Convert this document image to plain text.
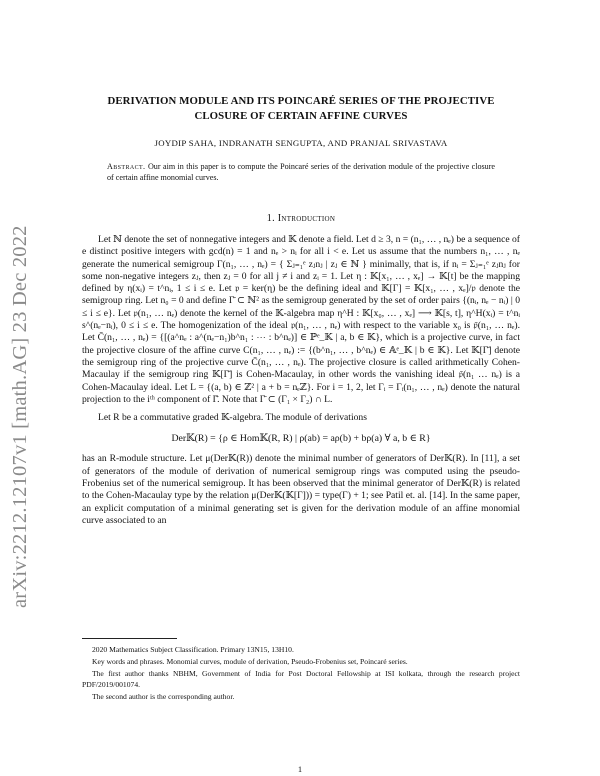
arXiv:2212.12107v1 [math.AG] 23 Dec 2022
DERIVATION MODULE AND ITS POINCARÉ SERIES OF THE PROJECTIVE
CLOSURE OF CERTAIN AFFINE CURVES
JOYDIP SAHA, INDRANATH SENGUPTA, AND PRANJAL SRIVASTAVA
Abstract. Our aim in this paper is to compute the Poincaré series of the derivation module of the projective closure of certain affine monomial curves.
1. Introduction

Let ℕ denote the set of nonnegative integers and 𝕂 denote a field. Let d ≥ 3, n = (n₁, … , nₑ) be a sequence of e distinct positive integers with gcd(n) = 1 and nₑ > nᵢ for all i < e. Let us assume that the numbers n₁, … , nₑ generate the numerical semigroup Γ(n₁, … , nₑ) = { Σⱼ₌₁ᵉ zⱼnⱼ | zⱼ ∈ ℕ } minimally, that is, if nᵢ = Σⱼ₌₁ᵉ zⱼnⱼ for some non-negative integers zⱼ, then zⱼ = 0 for all j ≠ i and zᵢ = 1. Let η : 𝕂[x₁, … , xₑ] → 𝕂[t] be the mapping defined by η(xᵢ) = t^nᵢ, 1 ≤ i ≤ e. Let 𝔭 = ker(η) be the defining ideal and 𝕂[Γ] = 𝕂[x₁, … , xₑ]/𝔭 denote the semigroup ring. Let n₀ = 0 and define Γ̄ ⊂ ℕ² as the semigroup generated by the set of order pairs {(nᵢ, nₑ − nᵢ) | 0 ≤ i ≤ e}. Let 𝔭(n₁, … nₑ) denote the kernel of the 𝕂-algebra map η^H : 𝕂[x₀, … , xₑ] ⟶ 𝕂[s, t], η^H(xᵢ) = t^nᵢ s^(nₑ−nᵢ), 0 ≤ i ≤ e. The homogenization of the ideal 𝔭(n₁, … , nₑ) with respect to the variable x₀ is 𝔭̄(n₁, … nₑ). Let C̄(n₁, … , nₑ) = {[(a^nₑ : a^(nₑ−n₁)b^n₁ : ⋯ : b^nₑ)] ∈ ℙᵉ_𝕂 | a, b ∈ 𝕂}, which is a projective curve, in fact the projective closure of the affine curve C(n₁, … , nₑ) := {(b^n₁, … , b^nₑ) ∈ 𝔸ᵉ_𝕂 | b ∈ 𝕂}. Let 𝕂[Γ̄] denote the semigroup ring of the projective curve C̄(n₁, … , nₑ). The projective closure is called arithmetically Cohen-Macaulay if the semigroup ring 𝕂[Γ̄] is Cohen-Macaulay, in other words the vanishing ideal 𝔭̄(n₁ … nₑ) is a Cohen-Macaulay ideal. Let L = {(a, b) ∈ ℤ² | a + b = nₑℤ}. For i = 1, 2, let Γᵢ = Γᵢ(n₁, … , nₑ) denote the natural projection to the iᵗʰ component of Γ̄. Note that Γ̄ ⊂ (Γ₁ × Γ₂) ∩ L.

Let R be a commutative graded 𝕂-algebra. The module of derivations

Der𝕂(R) = {ρ ∈ Hom𝕂(R, R) | ρ(ab) = aρ(b) + bρ(a) ∀ a, b ∈ R}

has an R-module structure. Let μ(Der𝕂(R)) denote the minimal number of generators of Der𝕂(R). In [11], a set of generators of the module of derivation of numerical semigroup rings was computed using the pseudo-Frobenius set of the numerical semigroup. It has been observed that the minimal generator of Der𝕂(R) is related to the Cohen-Macaulay type by the relation μ(Der𝕂(𝕂[Γ])) = type(Γ) + 1; see Patil et. al. [14]. In the same paper, an explicit computation of a minimal generating set is given for the derivation module of an affine monomial curve associated to an

2020 Mathematics Subject Classification. Primary 13N15, 13H10.

Key words and phrases. Monomial curves, module of derivation, Pseudo-Frobenius set, Poincaré series.

The first author thanks NBHM, Government of India for Post Doctoral Fellowship at ISI kolkata, through the research project PDF/2019/001074.

The second author is the corresponding author.

1
